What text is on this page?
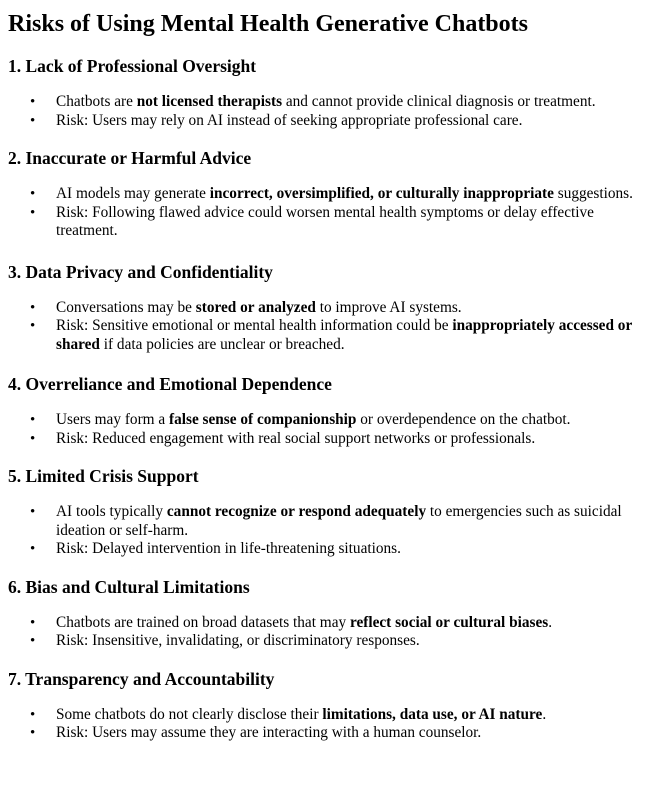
Risks of Using Mental Health Generative Chatbots
1. Lack of Professional Oversight
• Chatbots are not licensed therapists and cannot provide clinical diagnosis or treatment.
• Risk: Users may rely on AI instead of seeking appropriate professional care.
2. Inaccurate or Harmful Advice
• AI models may generate incorrect, oversimplified, or culturally inappropriate suggestions.
• Risk: Following flawed advice could worsen mental health symptoms or delay effective treatment.
3. Data Privacy and Confidentiality
• Conversations may be stored or analyzed to improve AI systems.
• Risk: Sensitive emotional or mental health information could be inappropriately accessed or shared if data policies are unclear or breached.
4. Overreliance and Emotional Dependence
• Users may form a false sense of companionship or overdependence on the chatbot.
• Risk: Reduced engagement with real social support networks or professionals.
5. Limited Crisis Support
• AI tools typically cannot recognize or respond adequately to emergencies such as suicidal ideation or self-harm.
• Risk: Delayed intervention in life-threatening situations.
6. Bias and Cultural Limitations
• Chatbots are trained on broad datasets that may reflect social or cultural biases.
• Risk: Insensitive, invalidating, or discriminatory responses.
7. Transparency and Accountability
• Some chatbots do not clearly disclose their limitations, data use, or AI nature.
• Risk: Users may assume they are interacting with a human counselor.
